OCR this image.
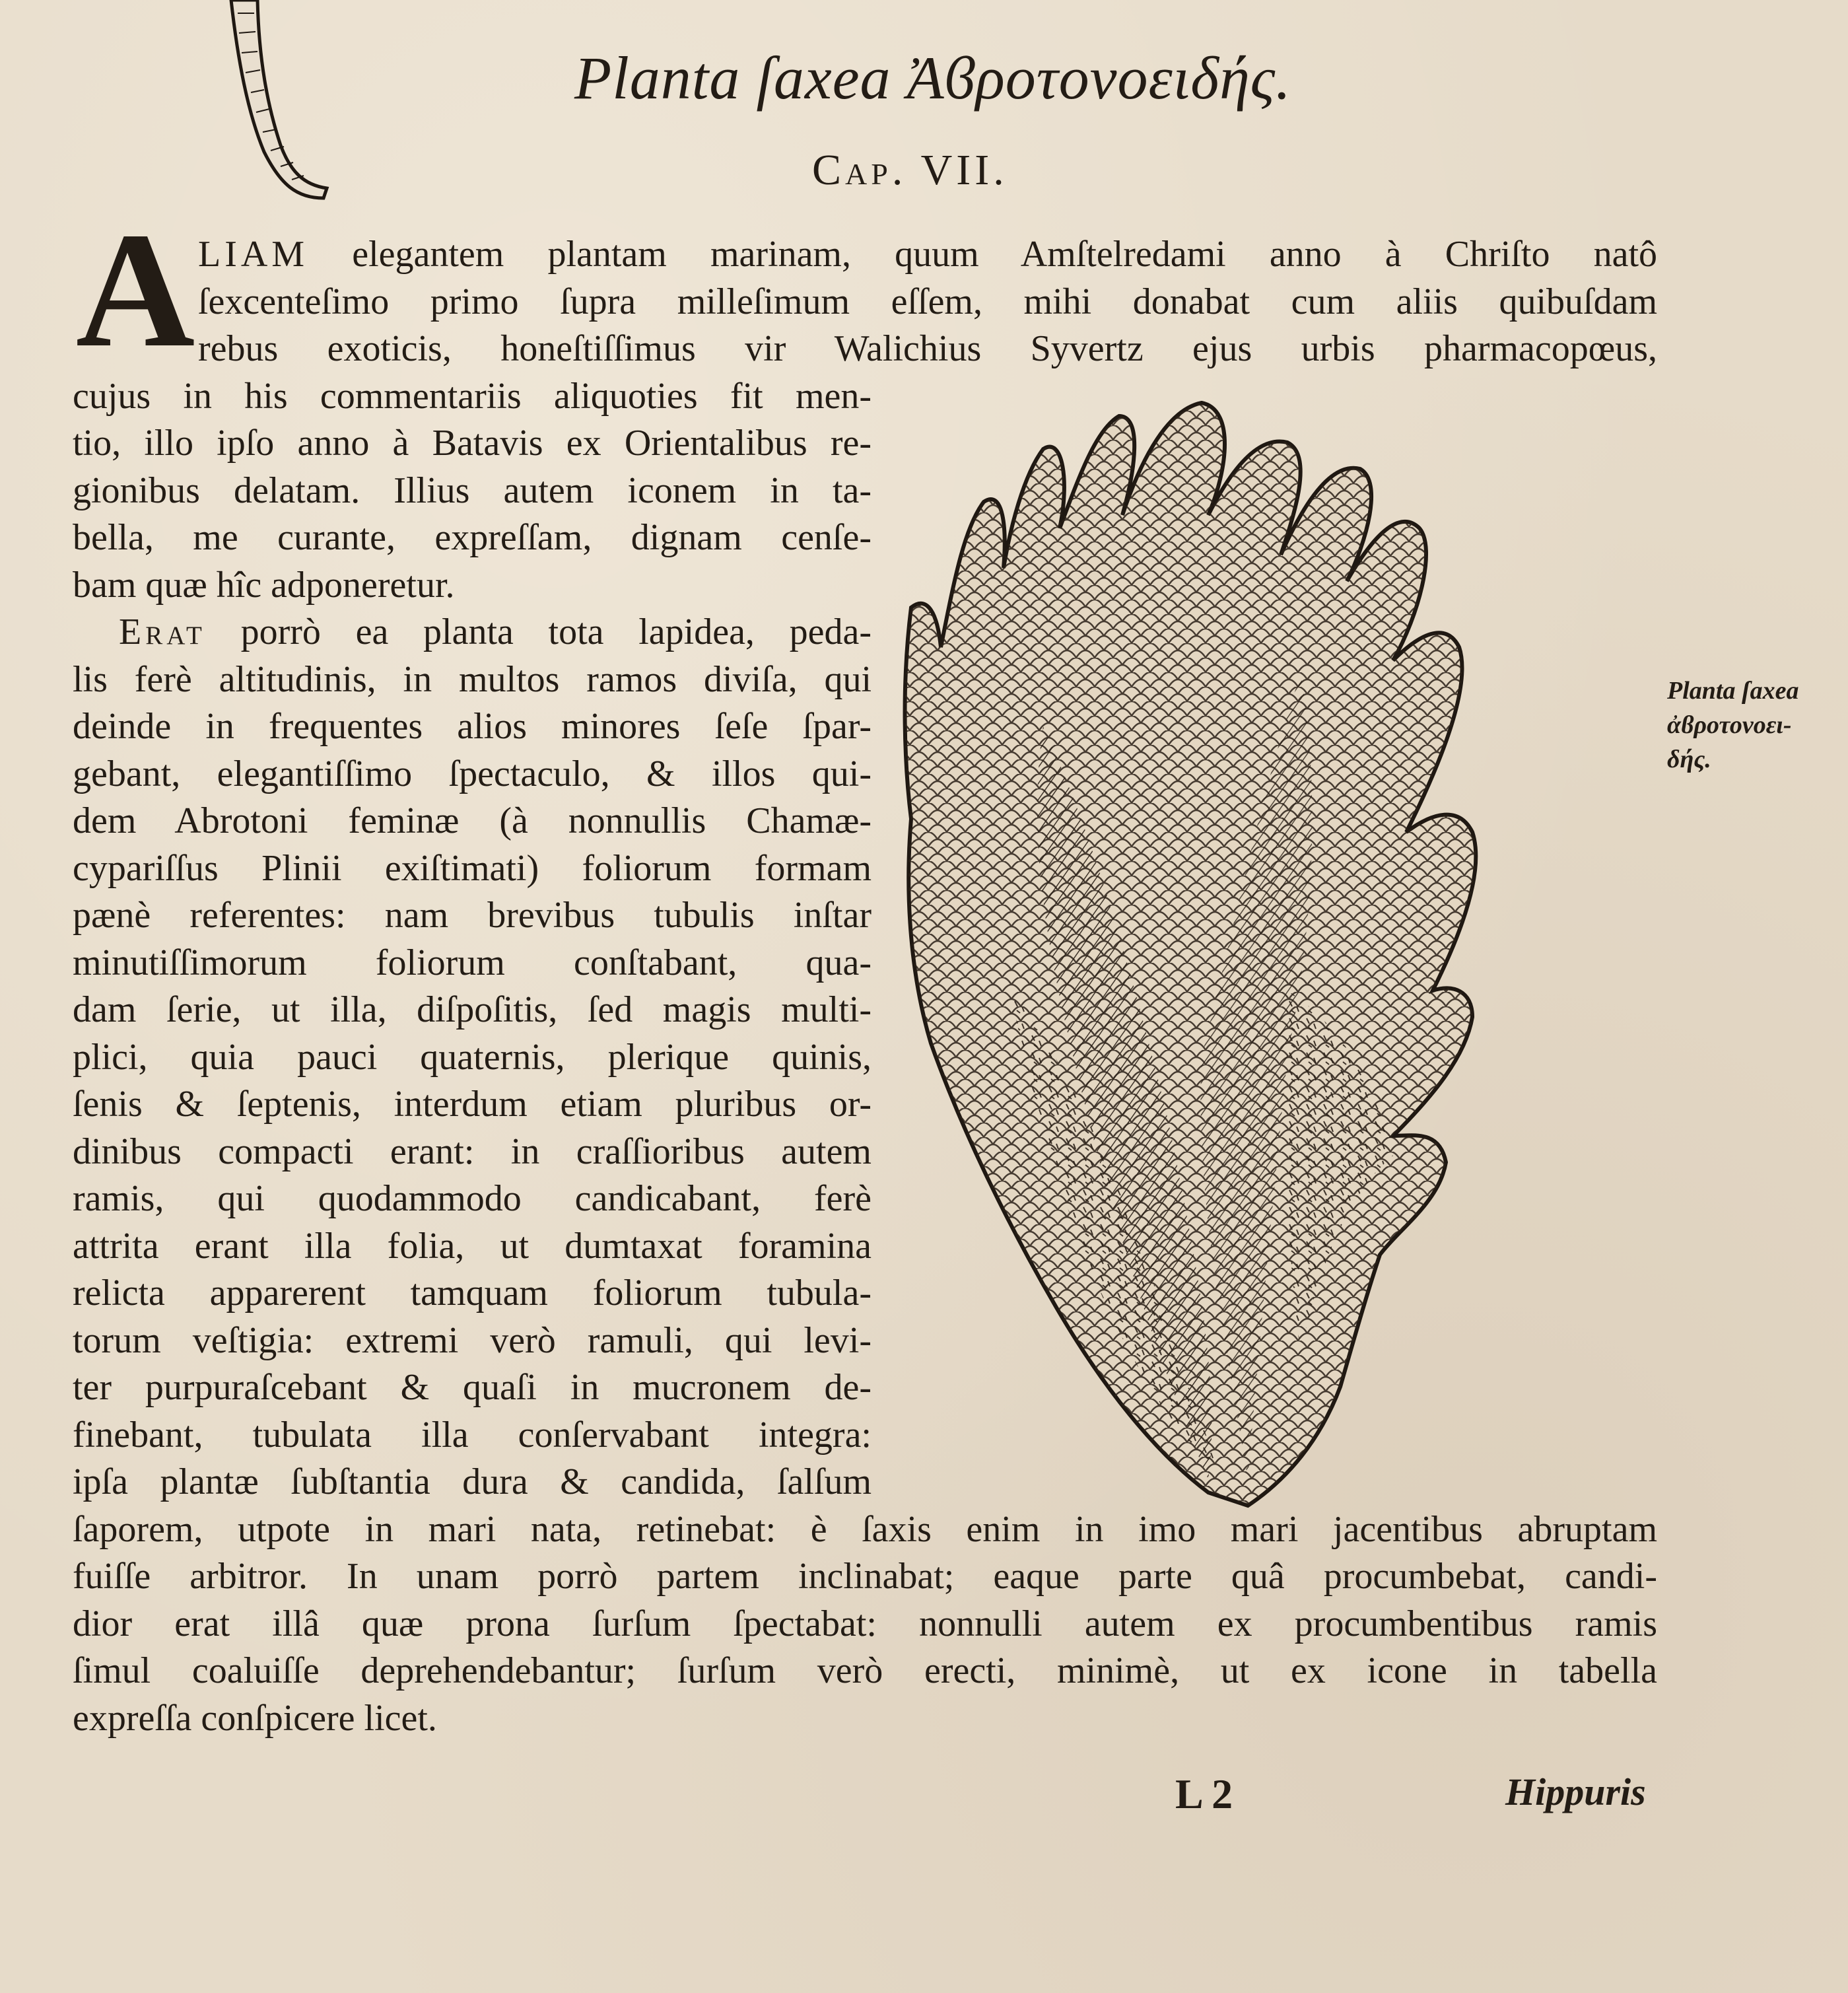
Planta ſaxea Ἀϐροτονοειδής.
Cap. VII.
A LIAM elegantem plantam marinam, quum Amſtelredami anno à Chriſto natô
ſexcenteſimo primo ſupra milleſimum eſſem, mihi donabat cum aliis quibuſdam
rebus exoticis, honeſtiſſimus vir Walichius Syvertz ejus urbis pharmacopœus,
cujus in his commentariis aliquoties fit men-
tio, illo ipſo anno à Batavis ex Orientalibus re-
gionibus delatam. Illius autem iconem in ta-
bella, me curante, expreſſam, dignam cenſe-
bam quæ hîc adponeretur.
Erat porrò ea planta tota lapidea, peda-
lis ferè altitudinis, in multos ramos diviſa, qui
deinde in frequentes alios minores ſeſe ſpar-
gebant, elegantiſſimo ſpectaculo, & illos qui-
dem Abrotoni feminæ (à nonnullis Chamæ-
cypariſſus Plinii exiſtimati) foliorum formam
pænè referentes: nam brevibus tubulis inſtar
minutiſſimorum foliorum conſtabant, qua-
dam ſerie, ut illa, diſpoſitis, ſed magis multi-
plici, quia pauci quaternis, plerique quinis,
ſenis & ſeptenis, interdum etiam pluribus or-
dinibus compacti erant: in craſſioribus autem
ramis, qui quodammodo candicabant, ferè
attrita erant illa folia, ut dumtaxat foramina
relicta apparerent tamquam foliorum tubula-
torum veſtigia: extremi verò ramuli, qui levi-
ter purpuraſcebant & quaſi in mucronem de-
finebant, tubulata illa conſervabant integra:
ipſa plantæ ſubſtantia dura & candida, ſalſum
ſaporem, utpote in mari nata, retinebat: è ſaxis enim in imo mari jacentibus abruptam
fuiſſe arbitror. In unam porrò partem inclinabat; eaque parte quâ procumbebat, candi-
dior erat illâ quæ prona ſurſum ſpectabat: nonnulli autem ex procumbentibus ramis
ſimul coaluiſſe deprehendebantur; ſurſum verò erecti, minimè, ut ex icone in tabella
expreſſa conſpicere licet.
Planta ſaxea
ἀϐροτονοει-
δής.
L 2	Hippuris
